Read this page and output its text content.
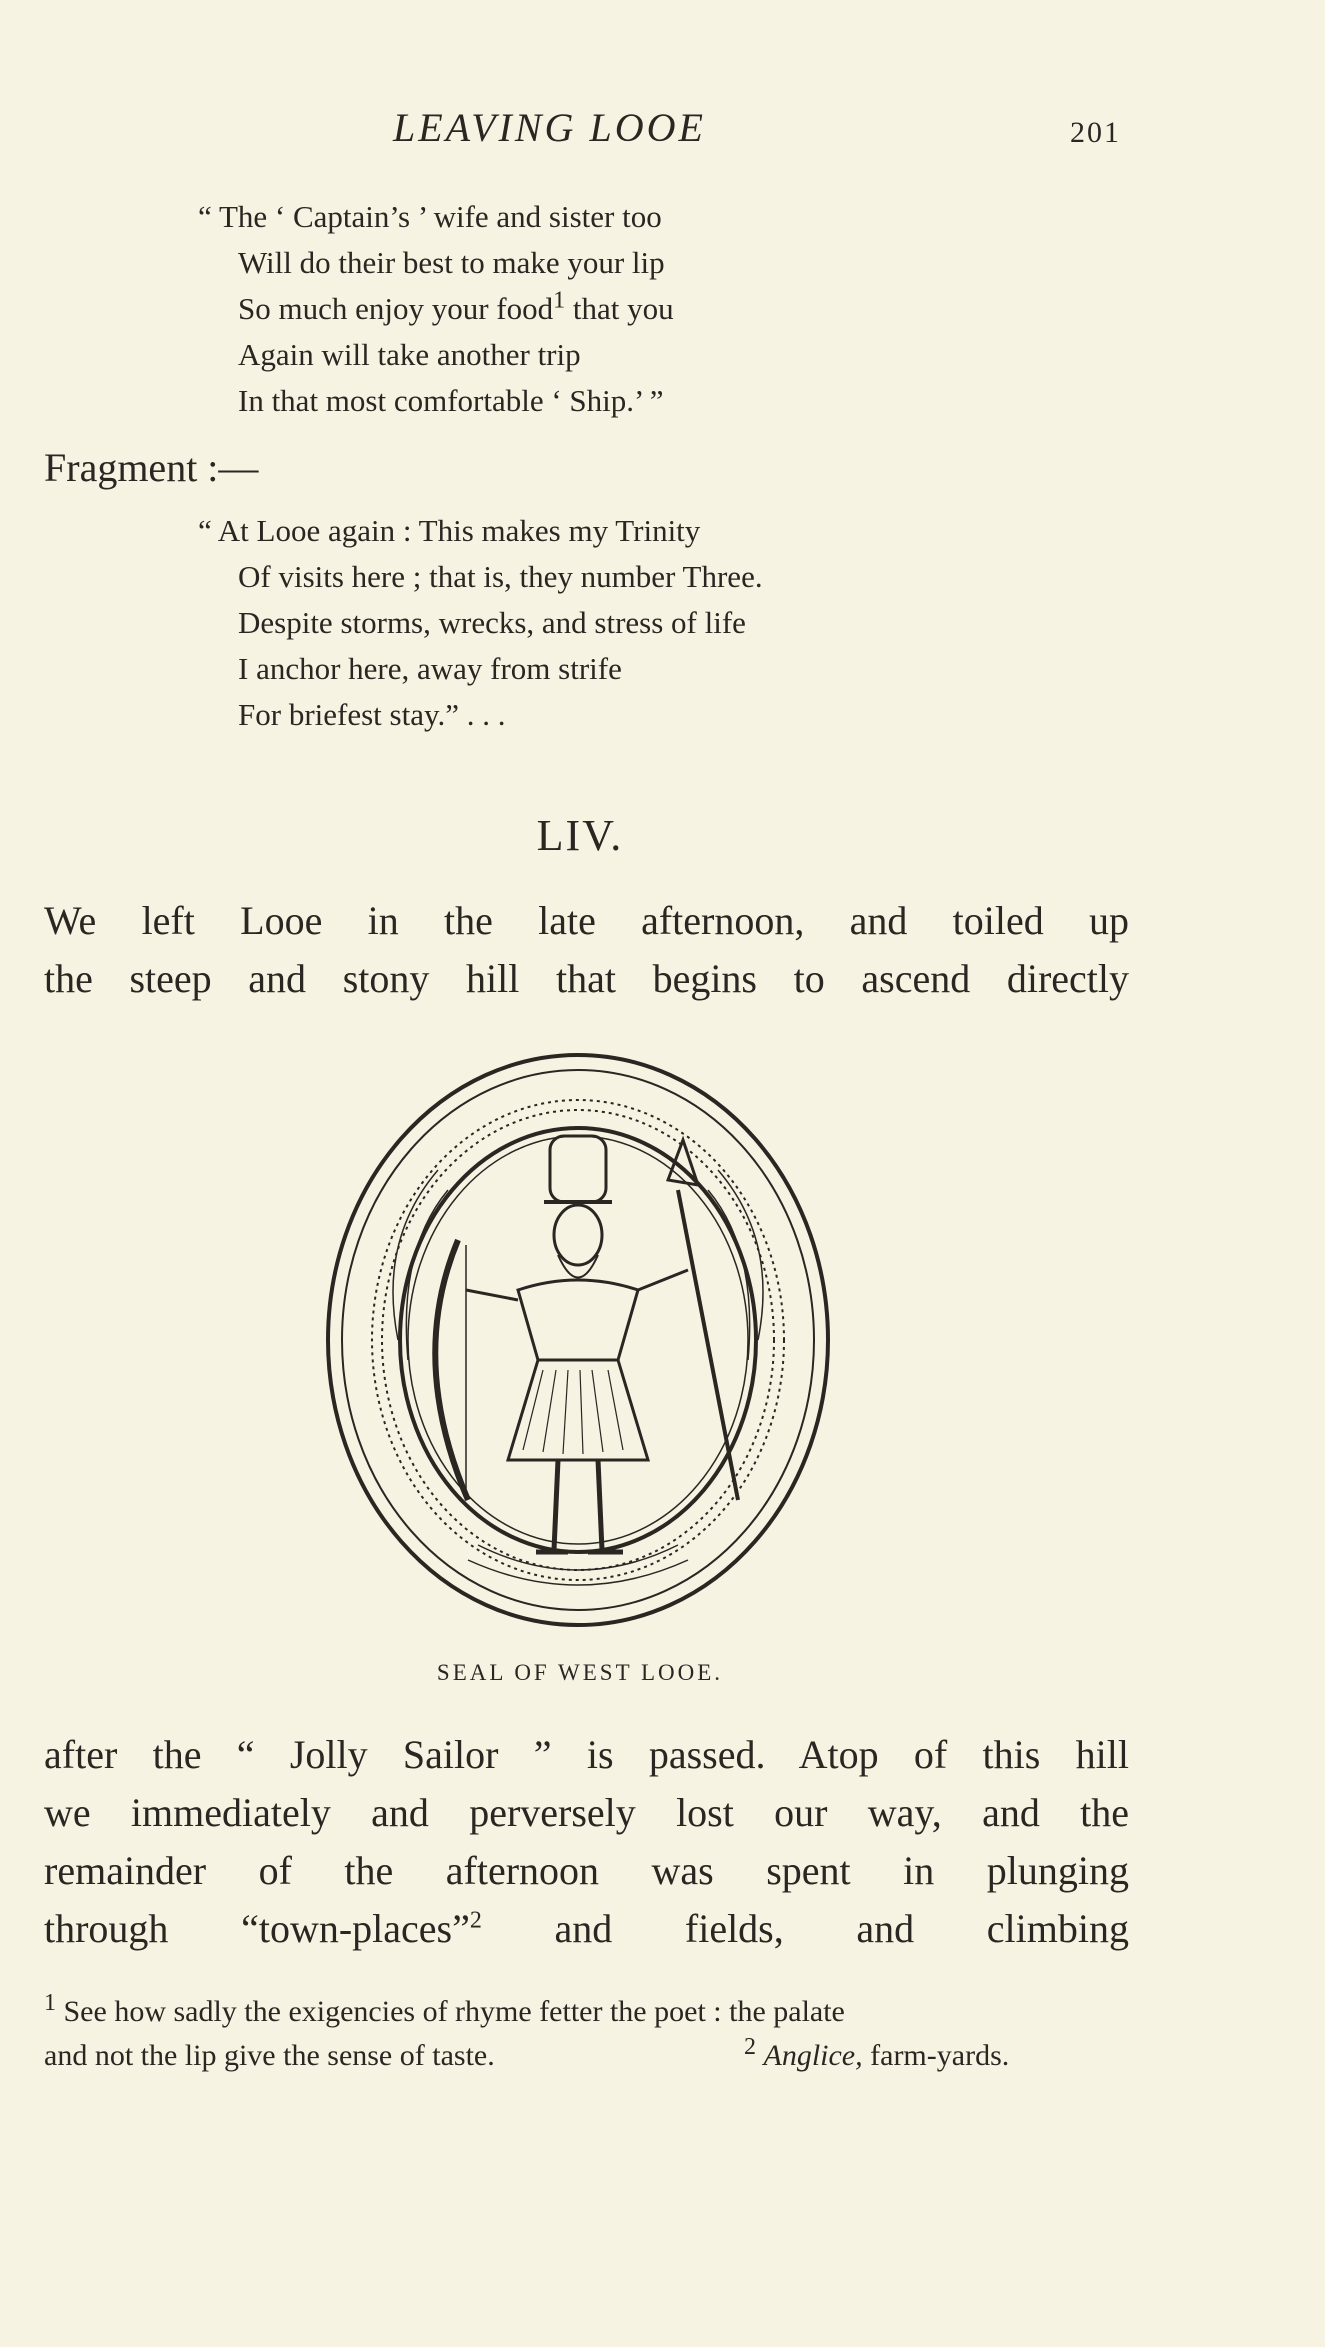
LEAVING LOOE	201
“ The ‘ Captain’s ’ wife and sister too
Will do their best to make your lip
So much enjoy your food$^1$ that you
Again will take another trip
In that most comfortable ‘ Ship.’ ”
Fragment :—
“ At Looe again : This makes my Trinity
Of visits here ; that is, they number Three.
Despite storms, wrecks, and stress of life
I anchor here, away from strife
For briefest stay.” . . .
LIV.
We left Looe in the late afternoon, and toiled up
the steep and stony hill that begins to ascend directly
SEAL OF WEST LOOE.
after the “ Jolly Sailor ” is passed. Atop of this hill
we immediately and perversely lost our way, and the
remainder of the afternoon was spent in plunging
through “town-places”$^2$ and fields, and climbing
$^1$ See how sadly the exigencies of rhyme fetter the poet : the palate
and not the lip give the sense of taste.	$^2$ Anglice, farm-yards.
